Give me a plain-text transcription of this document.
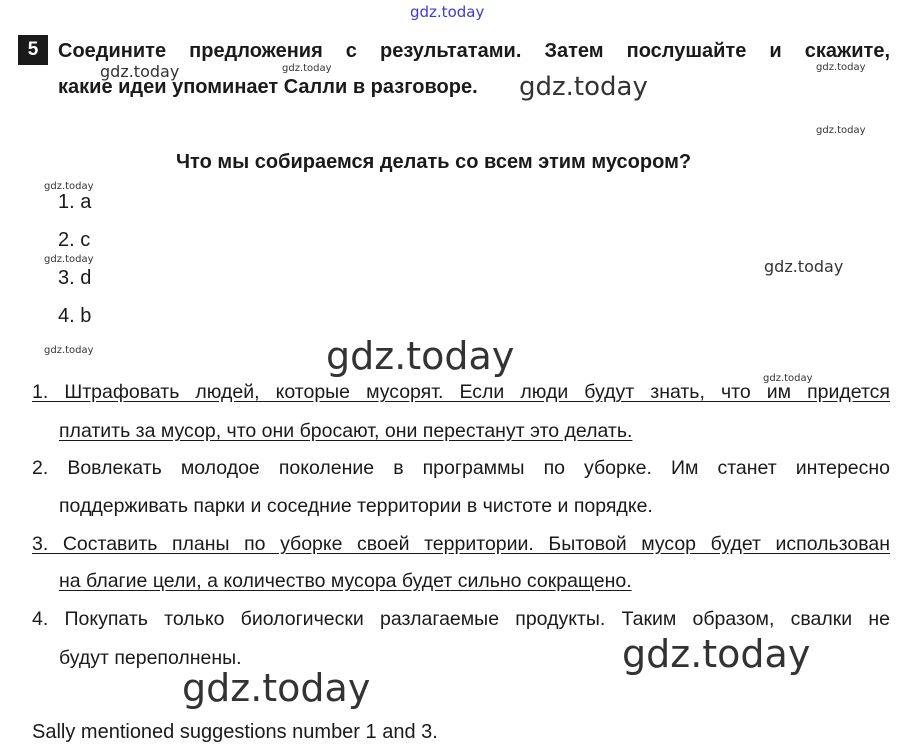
gdz.today
5 Соедините предложения с результатами. Затем послушайте и скажите,
какие идеи упоминает Салли в разговоре.
Что мы собираемся делать со всем этим мусором?
1. a
2. c
3. d
4. b
1. Штрафовать людей, которые мусорят. Если люди будут знать, что им придется
платить за мусор, что они бросают, они перестанут это делать.
2. Вовлекать молодое поколение в программы по уборке. Им станет интересно
поддерживать парки и соседние территории в чистоте и порядке.
3. Составить планы по уборке своей территории. Бытовой мусор будет использован
на благие цели, а количество мусора будет сильно сокращено.
4. Покупать только биологически разлагаемые продукты. Таким образом, свалки не
будут переполнены.
Sally mentioned suggestions number 1 and 3.
gdz.today	gdz.today	gdz.today
gdz.today
gdz.today
gdz.today
gdz.today	gdz.today
gdz.today	gdz.today
gdz.today
gdz.today
gdz.today
